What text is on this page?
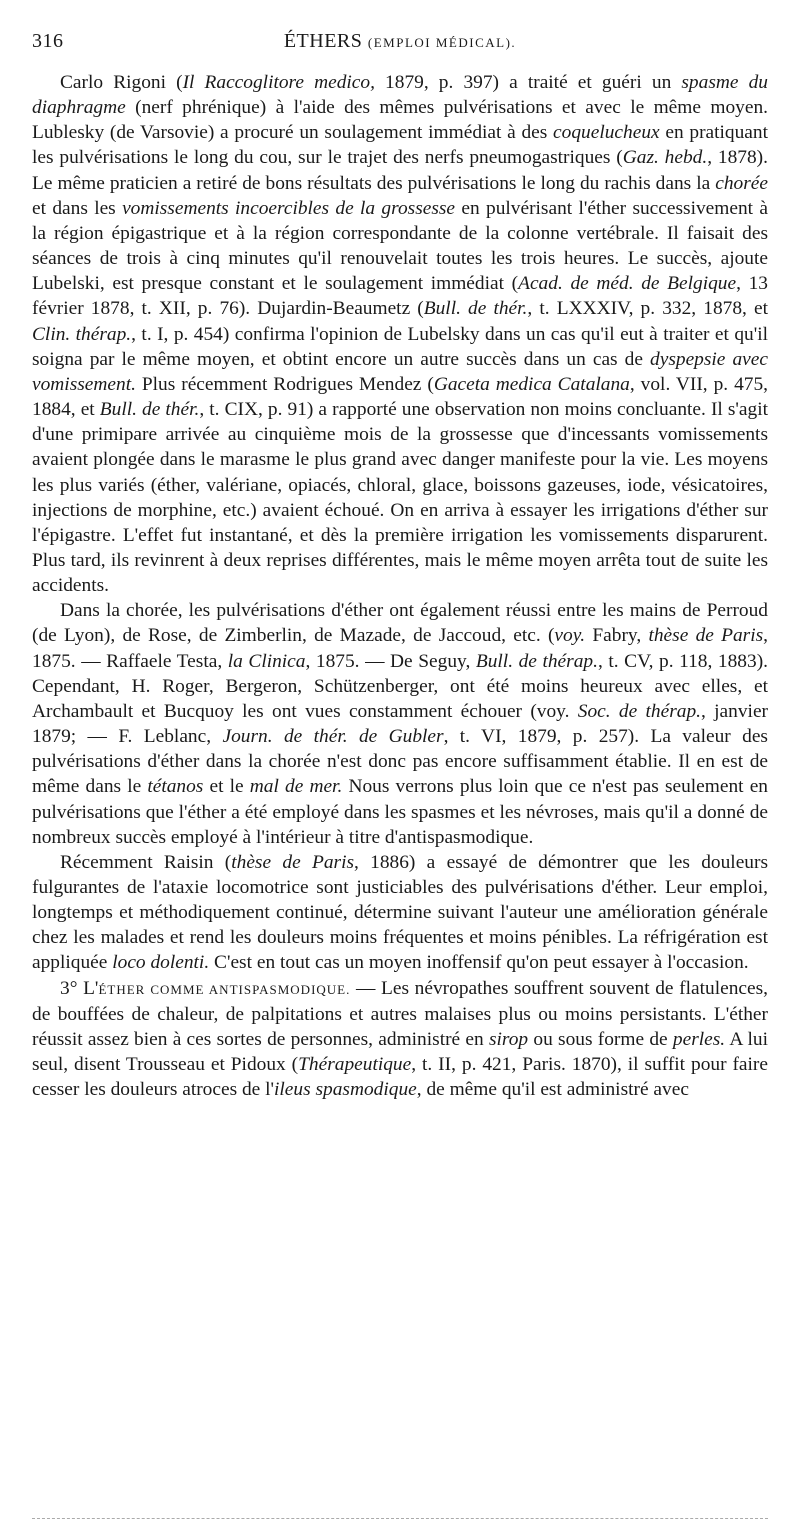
316	ÉTHERS (EMPLOI MÉDICAL).

Carlo Rigoni (Il Raccoglitore medico, 1879, p. 397) a traité et guéri un spasme du diaphragme (nerf phrénique) à l'aide des mêmes pulvérisations et avec le même moyen. Lublesky (de Varsovie) a procuré un soulagement immédiat à des coquelucheux en pratiquant les pulvérisations le long du cou, sur le trajet des nerfs pneumogastriques (Gaz. hebd., 1878). Le même praticien a retiré de bons résultats des pulvérisations le long du rachis dans la chorée et dans les vomissements incoercibles de la grossesse en pulvérisant l'éther successivement à la région épigastrique et à la région correspondante de la colonne vertébrale. Il faisait des séances de trois à cinq minutes qu'il renouvelait toutes les trois heures. Le succès, ajoute Lubelski, est presque constant et le soulagement immédiat (Acad. de méd. de Belgique, 13 février 1878, t. XII, p. 76). Dujardin-Beaumetz (Bull. de thér., t. LXXXIV, p. 332, 1878, et Clin. thérap., t. I, p. 454) confirma l'opinion de Lubelsky dans un cas qu'il eut à traiter et qu'il soigna par le même moyen, et obtint encore un autre succès dans un cas de dyspepsie avec vomissement. Plus récemment Rodrigues Mendez (Gaceta medica Catalana, vol. VII, p. 475, 1884, et Bull. de thér., t. CIX, p. 91) a rapporté une observation non moins concluante. Il s'agit d'une primipare arrivée au cinquième mois de la grossesse que d'incessants vomissements avaient plongée dans le marasme le plus grand avec danger manifeste pour la vie. Les moyens les plus variés (éther, valériane, opiacés, chloral, glace, boissons gazeuses, iode, vésicatoires, injections de morphine, etc.) avaient échoué. On en arriva à essayer les irrigations d'éther sur l'épigastre. L'effet fut instantané, et dès la première irrigation les vomissements disparurent. Plus tard, ils revinrent à deux reprises différentes, mais le même moyen arrêta tout de suite les accidents.

Dans la chorée, les pulvérisations d'éther ont également réussi entre les mains de Perroud (de Lyon), de Rose, de Zimberlin, de Mazade, de Jaccoud, etc. (voy. Fabry, thèse de Paris, 1875. — Raffaele Testa, la Clinica, 1875. — De Seguy, Bull. de thérap., t. CV, p. 118, 1883). Cependant, H. Roger, Bergeron, Schützenberger, ont été moins heureux avec elles, et Archambault et Bucquoy les ont vues constamment échouer (voy. Soc. de thérap., janvier 1879; — F. Leblanc, Journ. de thér. de Gubler, t. VI, 1879, p. 257). La valeur des pulvérisations d'éther dans la chorée n'est donc pas encore suffisamment établie. Il en est de même dans le tétanos et le mal de mer. Nous verrons plus loin que ce n'est pas seulement en pulvérisations que l'éther a été employé dans les spasmes et les névroses, mais qu'il a donné de nombreux succès employé à l'intérieur à titre d'antispasmodique.

Récemment Raisin (thèse de Paris, 1886) a essayé de démontrer que les douleurs fulgurantes de l'ataxie locomotrice sont justiciables des pulvérisations d'éther. Leur emploi, longtemps et méthodiquement continué, détermine suivant l'auteur une amélioration générale chez les malades et rend les douleurs moins fréquentes et moins pénibles. La réfrigération est appliquée loco dolenti. C'est en tout cas un moyen inoffensif qu'on peut essayer à l'occasion.

3° L'ÉTHER COMME ANTISPASMODIQUE. — Les névropathes souffrent souvent de flatulences, de bouffées de chaleur, de palpitations et autres malaises plus ou moins persistants. L'éther réussit assez bien à ces sortes de personnes, administré en sirop ou sous forme de perles. A lui seul, disent Trousseau et Pidoux (Thérapeutique, t. II, p. 421, Paris. 1870), il suffit pour faire cesser les douleurs atroces de l'ileus spasmodique, de même qu'il est administré avec
